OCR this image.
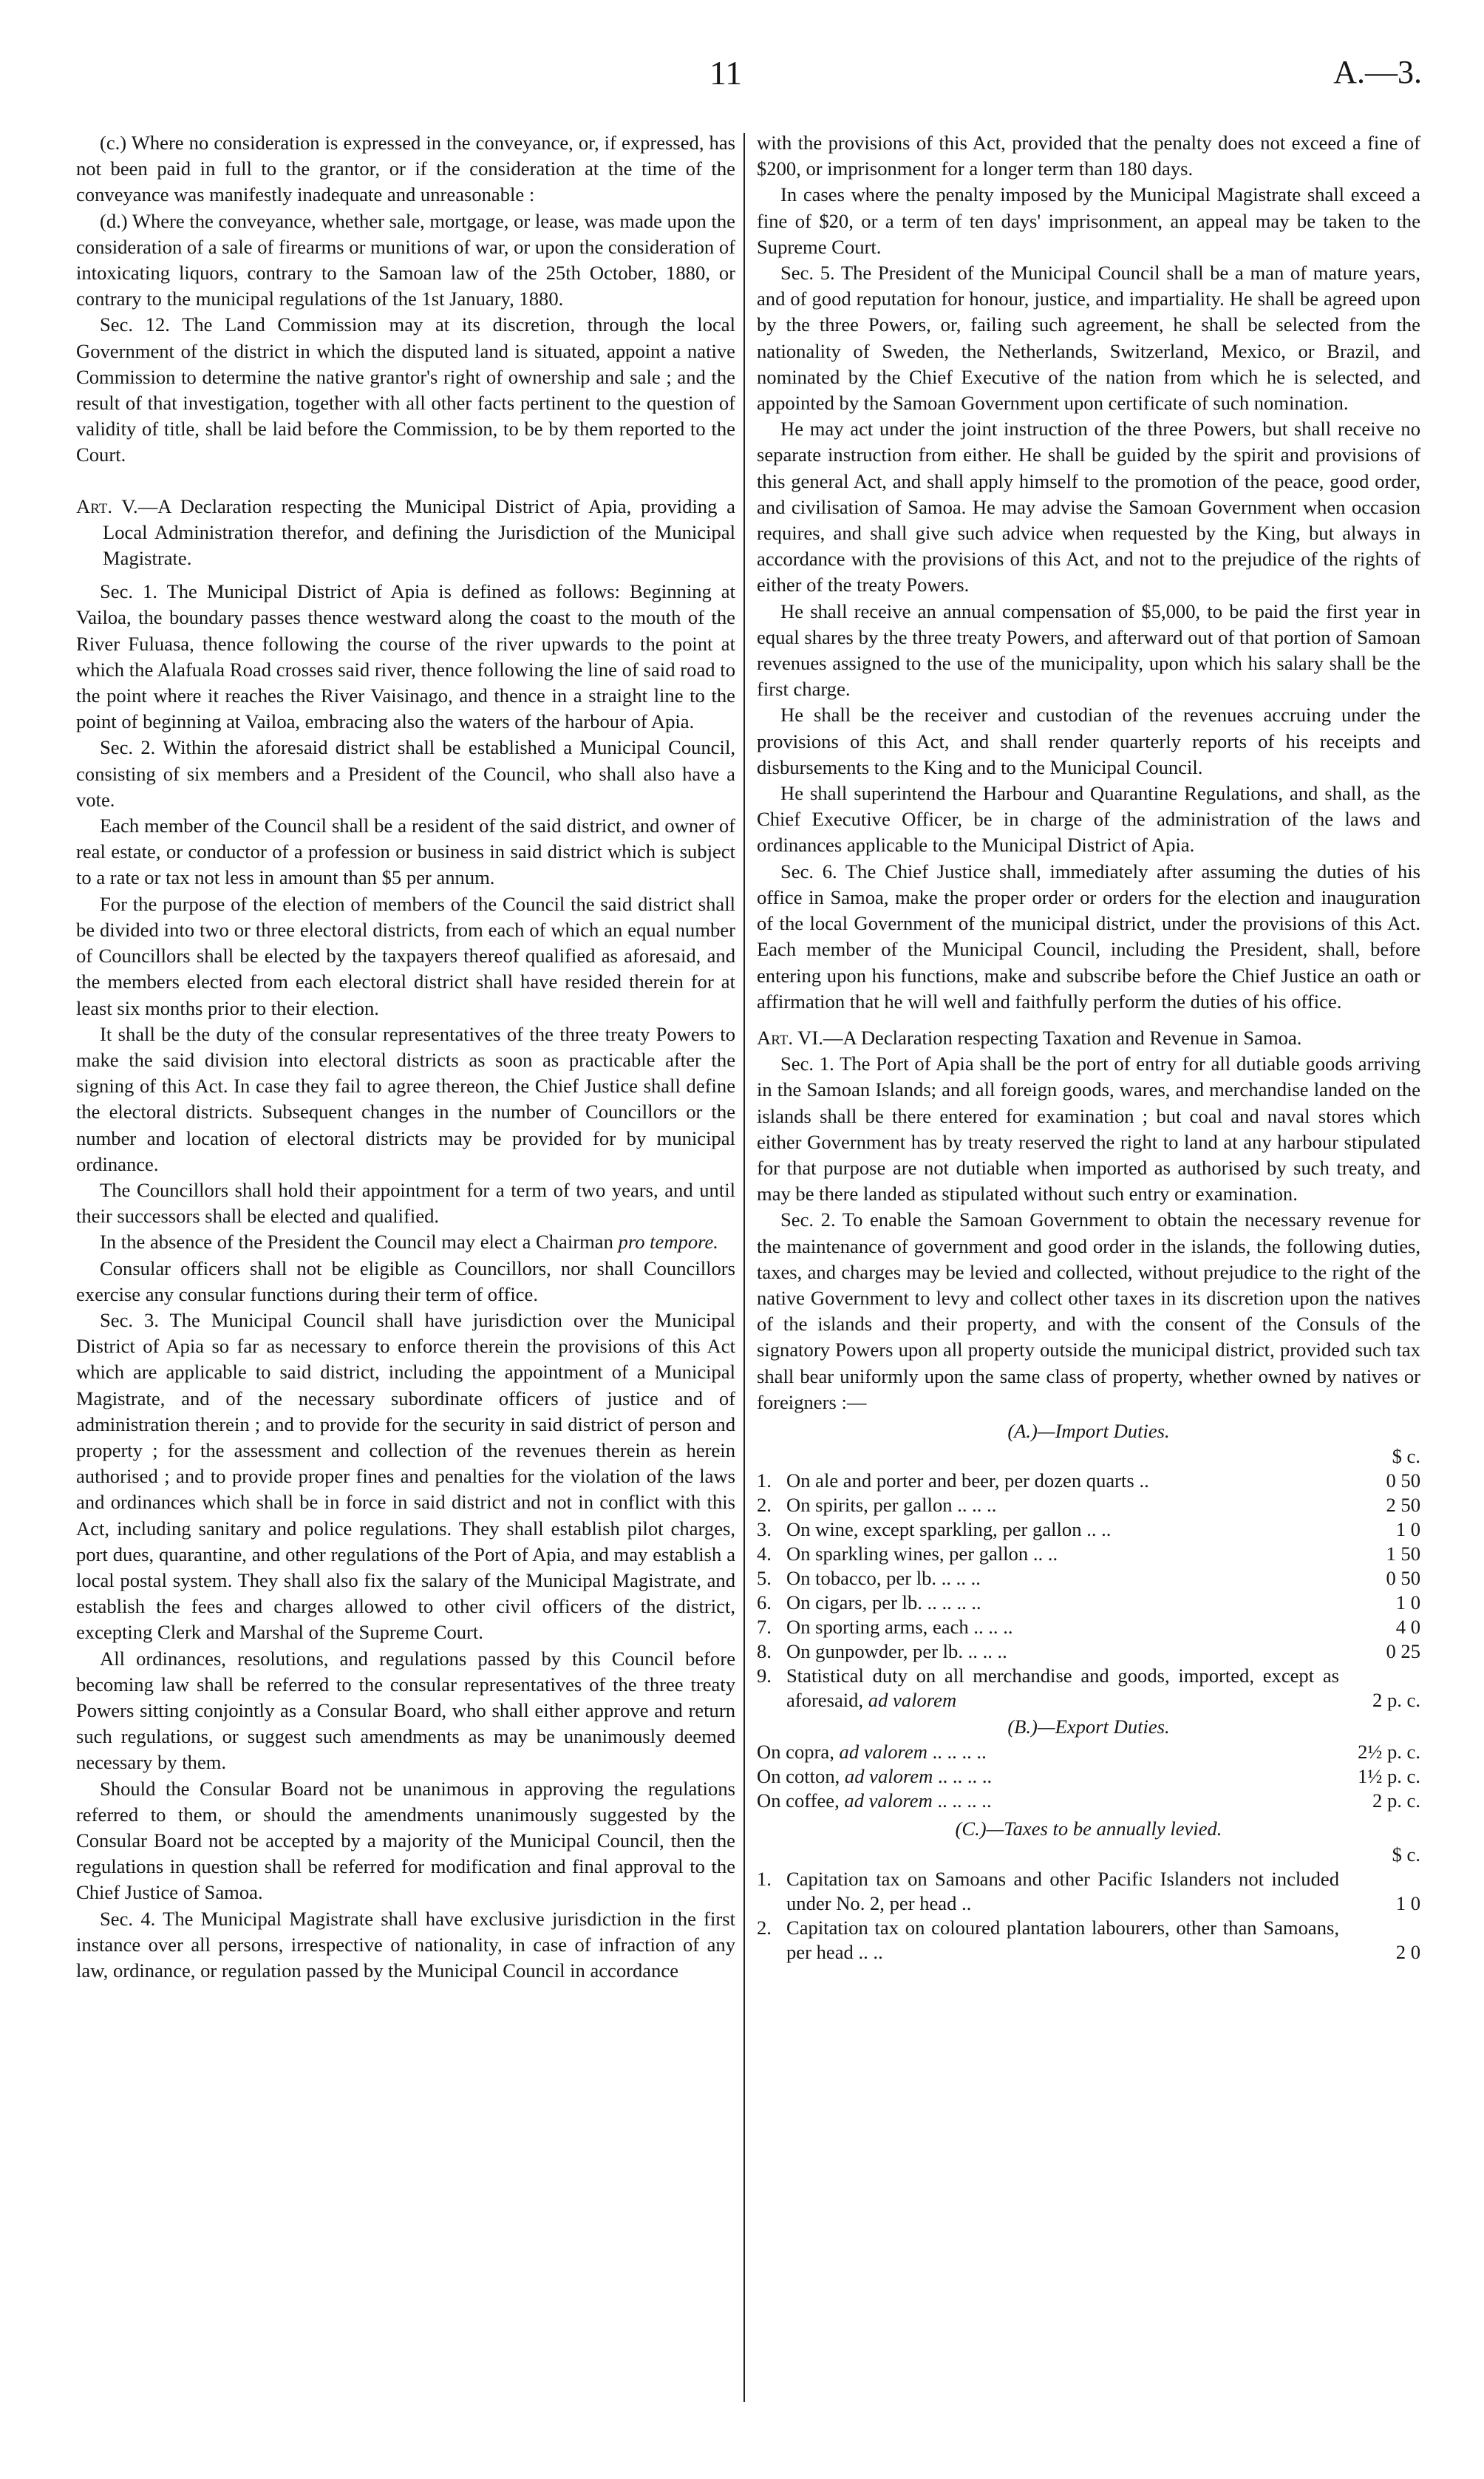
11	A.—3.

(c.) Where no consideration is expressed in the conveyance, or, if expressed, has not been paid in full to the grantor, or if the consideration at the time of the conveyance was manifestly inadequate and unreasonable :

(d.) Where the conveyance, whether sale, mortgage, or lease, was made upon the consideration of a sale of firearms or munitions of war, or upon the consideration of intoxicating liquors, contrary to the Samoan law of the 25th October, 1880, or contrary to the municipal regulations of the 1st January, 1880.

Sec. 12. The Land Commission may at its discretion, through the local Government of the district in which the disputed land is situated, appoint a native Commission to determine the native grantor's right of ownership and sale ; and the result of that investigation, together with all other facts pertinent to the question of validity of title, shall be laid before the Commission, to be by them reported to the Court.

Art. V.—A Declaration respecting the Municipal District of Apia, providing a Local Administration therefor, and defining the Jurisdiction of the Municipal Magistrate.

Sec. 1. The Municipal District of Apia is defined as follows: Beginning at Vailoa, the boundary passes thence westward along the coast to the mouth of the River Fuluasa, thence following the course of the river upwards to the point at which the Alafuala Road crosses said river, thence following the line of said road to the point where it reaches the River Vaisinago, and thence in a straight line to the point of beginning at Vailoa, embracing also the waters of the harbour of Apia.

Sec. 2. Within the aforesaid district shall be established a Municipal Council, consisting of six members and a President of the Council, who shall also have a vote.

Each member of the Council shall be a resident of the said district, and owner of real estate, or conductor of a profession or business in said district which is subject to a rate or tax not less in amount than $5 per annum.

For the purpose of the election of members of the Council the said district shall be divided into two or three electoral districts, from each of which an equal number of Councillors shall be elected by the taxpayers thereof qualified as aforesaid, and the members elected from each electoral district shall have resided therein for at least six months prior to their election.

It shall be the duty of the consular representatives of the three treaty Powers to make the said division into electoral districts as soon as practicable after the signing of this Act. In case they fail to agree thereon, the Chief Justice shall define the electoral districts. Subsequent changes in the number of Councillors or the number and location of electoral districts may be provided for by municipal ordinance.

The Councillors shall hold their appointment for a term of two years, and until their successors shall be elected and qualified.

In the absence of the President the Council may elect a Chairman pro tempore.

Consular officers shall not be eligible as Councillors, nor shall Councillors exercise any consular functions during their term of office.

Sec. 3. The Municipal Council shall have jurisdiction over the Municipal District of Apia so far as necessary to enforce therein the provisions of this Act which are applicable to said district, including the appointment of a Municipal Magistrate, and of the necessary subordinate officers of justice and of administration therein ; and to provide for the security in said district of person and property ; for the assessment and collection of the revenues therein as herein authorised ; and to provide proper fines and penalties for the violation of the laws and ordinances which shall be in force in said district and not in conflict with this Act, including sanitary and police regulations. They shall establish pilot charges, port dues, quarantine, and other regulations of the Port of Apia, and may establish a local postal system. They shall also fix the salary of the Municipal Magistrate, and establish the fees and charges allowed to other civil officers of the district, excepting Clerk and Marshal of the Supreme Court.

All ordinances, resolutions, and regulations passed by this Council before becoming law shall be referred to the consular representatives of the three treaty Powers sitting conjointly as a Consular Board, who shall either approve and return such regulations, or suggest such amendments as may be unanimously deemed necessary by them.

Should the Consular Board not be unanimous in approving the regulations referred to them, or should the amendments unanimously suggested by the Consular Board not be accepted by a majority of the Municipal Council, then the regulations in question shall be referred for modification and final approval to the Chief Justice of Samoa.

Sec. 4. The Municipal Magistrate shall have exclusive jurisdiction in the first instance over all persons, irrespective of nationality, in case of infraction of any law, ordinance, or regulation passed by the Municipal Council in accordance

with the provisions of this Act, provided that the penalty does not exceed a fine of $200, or imprisonment for a longer term than 180 days.

In cases where the penalty imposed by the Municipal Magistrate shall exceed a fine of $20, or a term of ten days' imprisonment, an appeal may be taken to the Supreme Court.

Sec. 5. The President of the Municipal Council shall be a man of mature years, and of good reputation for honour, justice, and impartiality. He shall be agreed upon by the three Powers, or, failing such agreement, he shall be selected from the nationality of Sweden, the Netherlands, Switzerland, Mexico, or Brazil, and nominated by the Chief Executive of the nation from which he is selected, and appointed by the Samoan Government upon certificate of such nomination.

He may act under the joint instruction of the three Powers, but shall receive no separate instruction from either. He shall be guided by the spirit and provisions of this general Act, and shall apply himself to the promotion of the peace, good order, and civilisation of Samoa. He may advise the Samoan Government when occasion requires, and shall give such advice when requested by the King, but always in accordance with the provisions of this Act, and not to the prejudice of the rights of either of the treaty Powers.

He shall receive an annual compensation of $5,000, to be paid the first year in equal shares by the three treaty Powers, and afterward out of that portion of Samoan revenues assigned to the use of the municipality, upon which his salary shall be the first charge.

He shall be the receiver and custodian of the revenues accruing under the provisions of this Act, and shall render quarterly reports of his receipts and disbursements to the King and to the Municipal Council.

He shall superintend the Harbour and Quarantine Regulations, and shall, as the Chief Executive Officer, be in charge of the administration of the laws and ordinances applicable to the Municipal District of Apia.

Sec. 6. The Chief Justice shall, immediately after assuming the duties of his office in Samoa, make the proper order or orders for the election and inauguration of the local Government of the municipal district, under the provisions of this Act. Each member of the Municipal Council, including the President, shall, before entering upon his functions, make and subscribe before the Chief Justice an oath or affirmation that he will well and faithfully perform the duties of his office.

Art. VI.—A Declaration respecting Taxation and Revenue in Samoa.

Sec. 1. The Port of Apia shall be the port of entry for all dutiable goods arriving in the Samoan Islands; and all foreign goods, wares, and merchandise landed on the islands shall be there entered for examination ; but coal and naval stores which either Government has by treaty reserved the right to land at any harbour stipulated for that purpose are not dutiable when imported as authorised by such treaty, and may be there landed as stipulated without such entry or examination.

Sec. 2. To enable the Samoan Government to obtain the necessary revenue for the maintenance of government and good order in the islands, the following duties, taxes, and charges may be levied and collected, without prejudice to the right of the native Government to levy and collect other taxes in its discretion upon the natives of the islands and their property, and with the consent of the Consuls of the signatory Powers upon all property outside the municipal district, provided such tax shall bear uniformly upon the same class of property, whether owned by natives or foreigners :—

(A.)—Import Duties.

		$ c.
1.	On ale and porter and beer, per dozen quarts ..	0 50
2.	On spirits, per gallon .. .. ..	2 50
3.	On wine, except sparkling, per gallon .. ..	1 0
4.	On sparkling wines, per gallon .. ..	1 50
5.	On tobacco, per lb. .. .. ..	0 50
6.	On cigars, per lb. .. .. .. ..	1 0
7.	On sporting arms, each .. .. ..	4 0
8.	On gunpowder, per lb. .. .. ..	0 25
9.	Statistical duty on all merchandise and goods, imported, except as aforesaid, ad valorem	2 p. c.

(B.)—Export Duties.

On copra, ad valorem .. .. .. ..	2½ p. c.
On cotton, ad valorem .. .. .. ..	1½ p. c.
On coffee, ad valorem .. .. .. ..	2 p. c.

(C.)—Taxes to be annually levied.

		$ c.
1.	Capitation tax on Samoans and other Pacific Islanders not included under No. 2, per head ..	1 0
2.	Capitation tax on coloured plantation labourers, other than Samoans, per head .. ..	2 0
